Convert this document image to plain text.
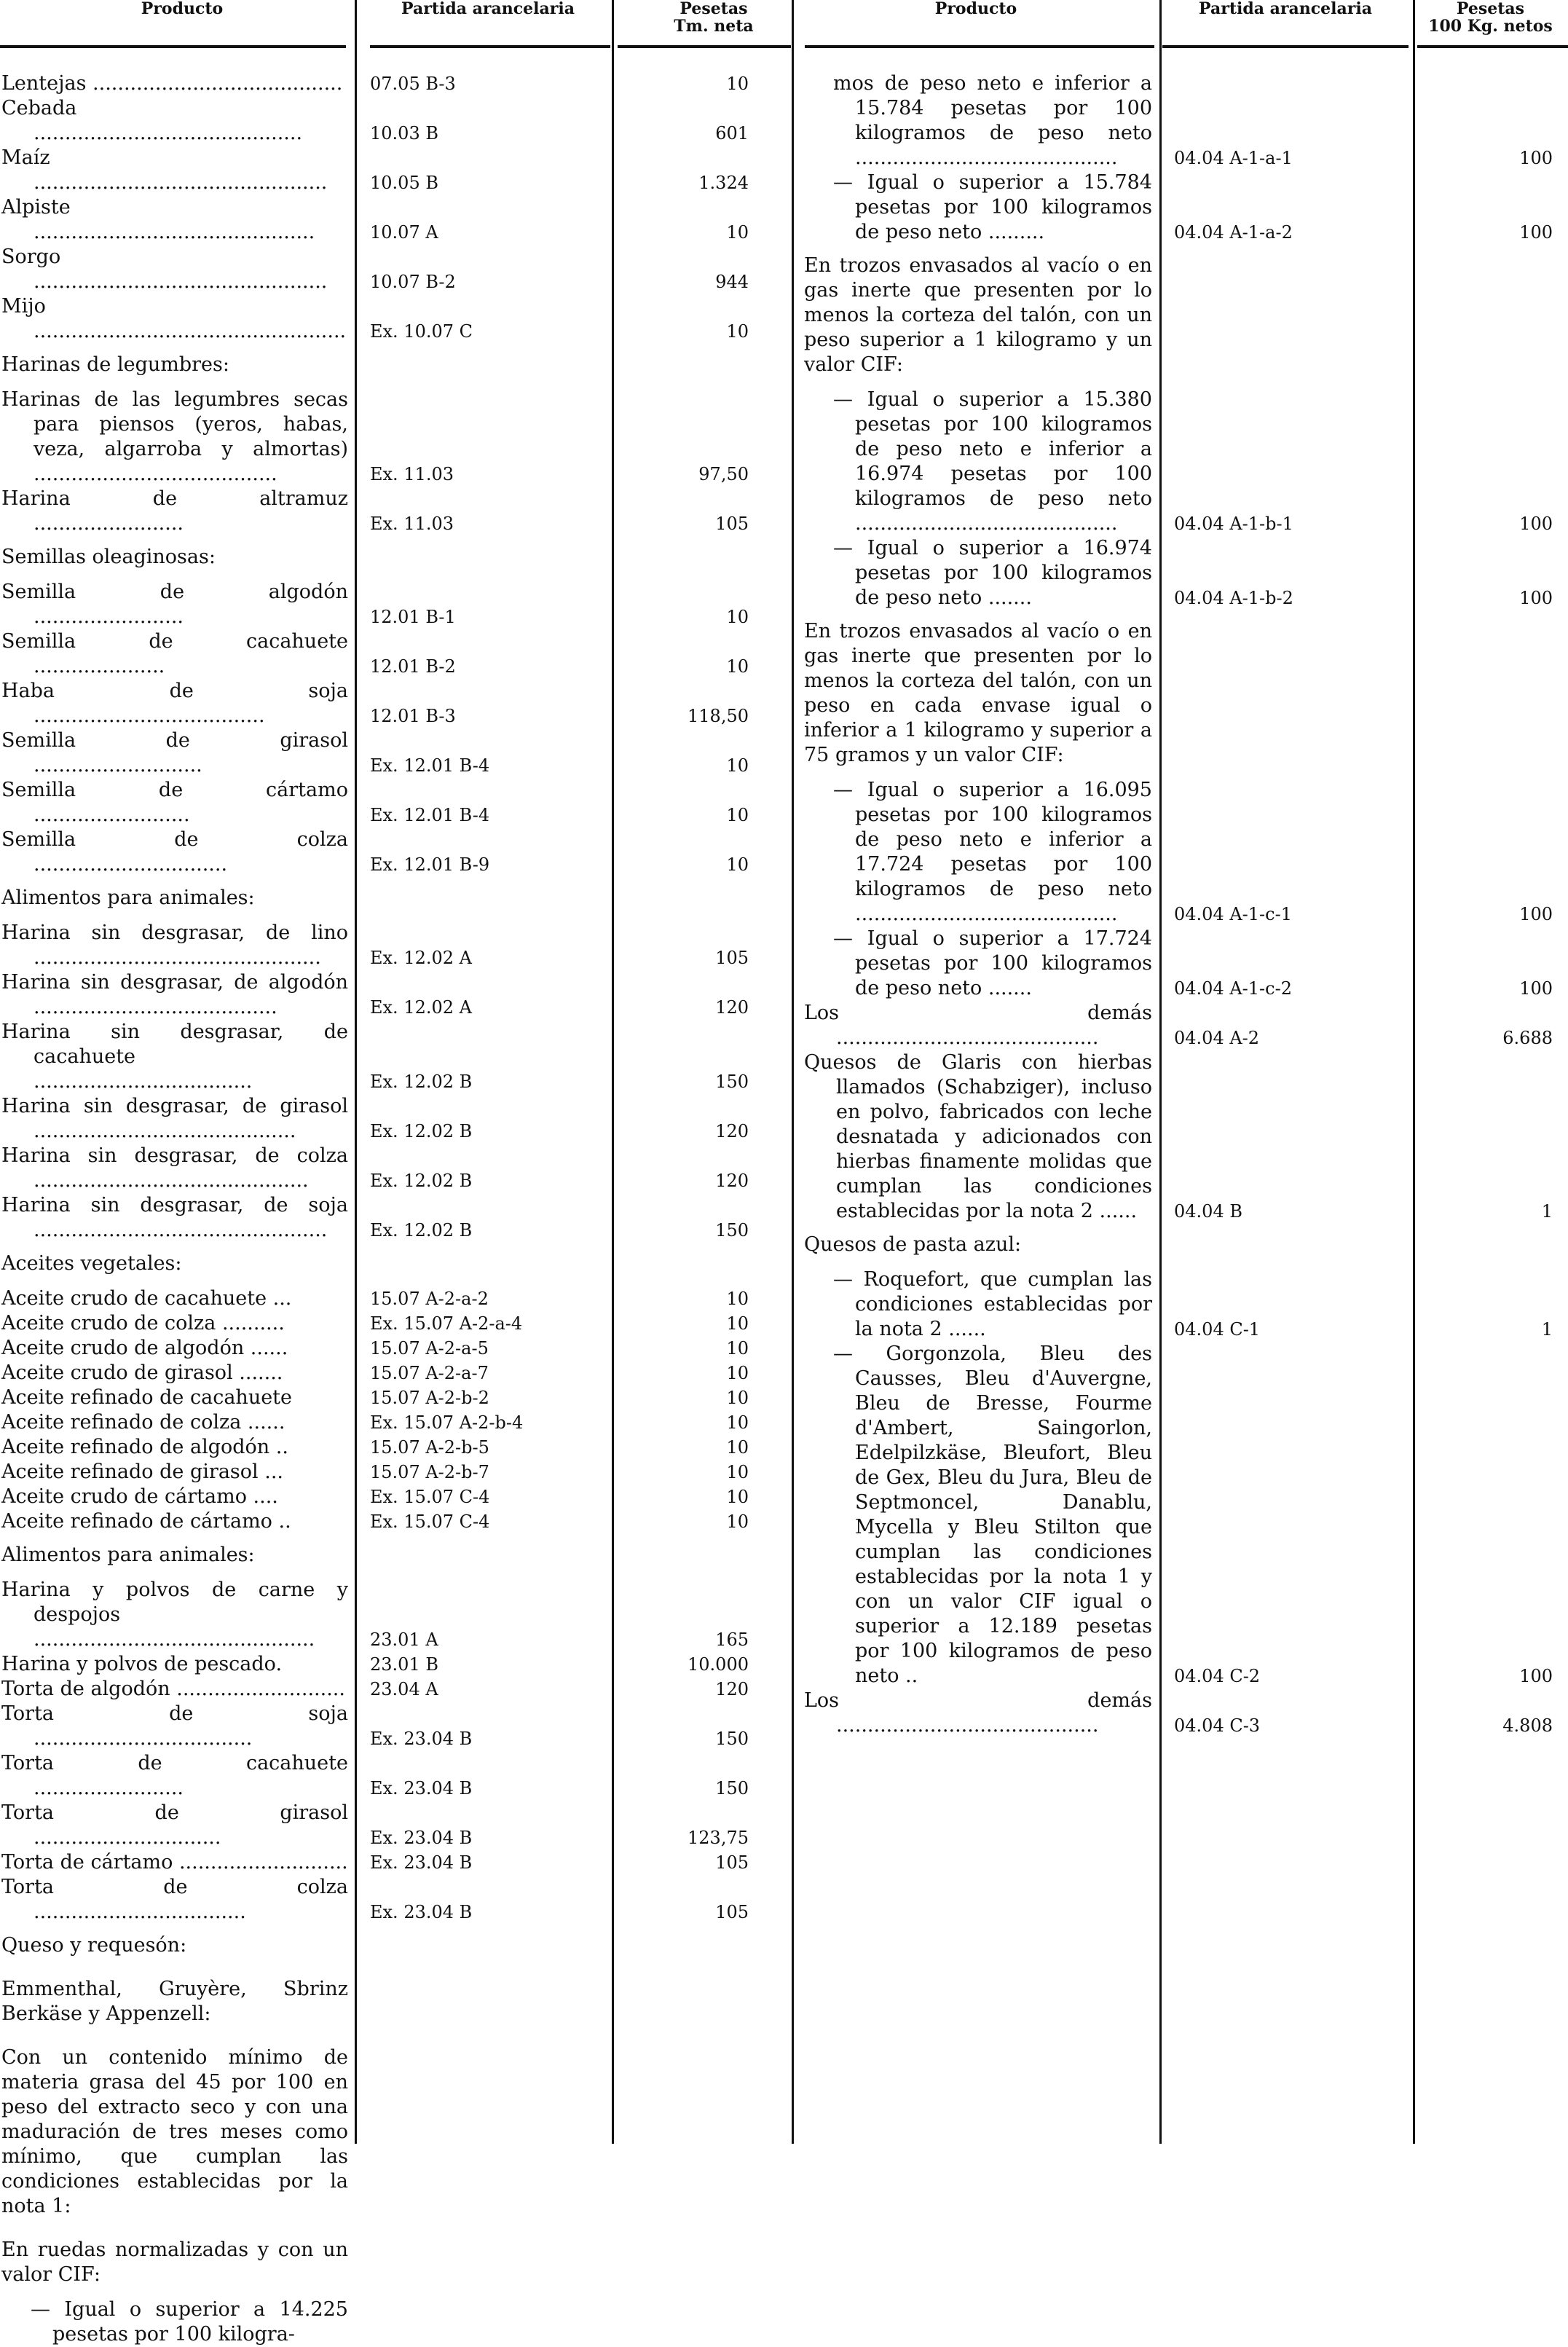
Producto	Partida arancelaria	Pesetas
Tm. neta
Producto	Partida arancelaria	Pesetas
100 Kg. netos
Lentejas ........................................	07.05 B-3	10
Cebada ...........................................	10.03 B	601
Maíz ...............................................	10.05 B	1.324
Alpiste .............................................	10.07 A	10
Sorgo ...............................................	10.07 B-2	944
Mijo ..................................................	Ex. 10.07 C	10
Harinas de legumbres:
Harinas de las legumbres secas para piensos (yeros, habas, veza, algarroba y almortas) .......................................	Ex. 11.03	97,50
Harina de altramuz ........................	Ex. 11.03	105
Semillas oleaginosas:
Semilla de algodón ........................	12.01 B-1	10
Semilla de cacahuete .....................	12.01 B-2	10
Haba de soja .....................................	12.01 B-3	118,50
Semilla de girasol ...........................	Ex. 12.01 B-4	10
Semilla de cártamo .........................	Ex. 12.01 B-4	10
Semilla de colza ...............................	Ex. 12.01 B-9	10
Alimentos para animales:
Harina sin desgrasar, de lino ..............................................	Ex. 12.02 A	105
Harina sin desgrasar, de algodón .......................................	Ex. 12.02 A	120
Harina sin desgrasar, de cacahuete ...................................	Ex. 12.02 B	150
Harina sin desgrasar, de girasol ..........................................	Ex. 12.02 B	120
Harina sin desgrasar, de colza ............................................	Ex. 12.02 B	120
Harina sin desgrasar, de soja ...............................................	Ex. 12.02 B	150
Aceites vegetales:
Aceite crudo de cacahuete ...	15.07 A-2-a-2	10
Aceite crudo de colza ..........	Ex. 15.07 A-2-a-4	10
Aceite crudo de algodón ......	15.07 A-2-a-5	10
Aceite crudo de girasol .......	15.07 A-2-a-7	10
Aceite refinado de cacahuete	15.07 A-2-b-2	10
Aceite refinado de colza ......	Ex. 15.07 A-2-b-4	10
Aceite refinado de algodón ..	15.07 A-2-b-5	10
Aceite refinado de girasol ...	15.07 A-2-b-7	10
Aceite crudo de cártamo ....	Ex. 15.07 C-4	10
Aceite refinado de cártamo ..	Ex. 15.07 C-4	10
Alimentos para animales:
Harina y polvos de carne y despojos .............................................	23.01 A	165
Harina y polvos de pescado.	23.01 B	10.000
Torta de algodón ...........................	23.04 A	120
Torta de soja ...................................	Ex. 23.04 B	150
Torta de cacahuete ........................	Ex. 23.04 B	150
Torta de girasol ..............................	Ex. 23.04 B	123,75
Torta de cártamo ...........................	Ex. 23.04 B	105
Torta de colza ..................................	Ex. 23.04 B	105
Queso y requesón:
Emmenthal, Gruyère, Sbrinz Berkäse y Appenzell:
Con un contenido mínimo de materia grasa del 45 por 100 en peso del extracto seco y con una maduración de tres meses como mínimo, que cumplan las condiciones establecidas por la nota 1:
En ruedas normalizadas y con un valor CIF:
— Igual o superior a 14.225 pesetas por 100 kilogra-
mos de peso neto e inferior a 15.784 pesetas por 100 kilogramos de peso neto ..........................................	04.04 A-1-a-1	100
— Igual o superior a 15.784 pesetas por 100 kilogramos de peso neto .........	04.04 A-1-a-2	100
En trozos envasados al vacío o en gas inerte que presenten por lo menos la corteza del talón, con un peso superior a 1 kilogramo y un valor CIF:
— Igual o superior a 15.380 pesetas por 100 kilogramos de peso neto e inferior a 16.974 pesetas por 100 kilogramos de peso neto ..........................................	04.04 A-1-b-1	100
— Igual o superior a 16.974 pesetas por 100 kilogramos de peso neto .......	04.04 A-1-b-2	100
En trozos envasados al vacío o en gas inerte que presenten por lo menos la corteza del talón, con un peso en cada envase igual o inferior a 1 kilogramo y superior a 75 gramos y un valor CIF:
— Igual o superior a 16.095 pesetas por 100 kilogramos de peso neto e inferior a 17.724 pesetas por 100 kilogramos de peso neto ..........................................	04.04 A-1-c-1	100
— Igual o superior a 17.724 pesetas por 100 kilogramos de peso neto .......	04.04 A-1-c-2	100
Los demás ..........................................	04.04 A-2	6.688
Quesos de Glaris con hierbas llamados (Schabziger), incluso en polvo, fabricados con leche desnatada y adicionados con hierbas finamente molidas que cumplan las condiciones establecidas por la nota 2 ......	04.04 B	1
Quesos de pasta azul:
— Roquefort, que cumplan las condiciones establecidas por la nota 2 ......	04.04 C-1	1
— Gorgonzola, Bleu des Causses, Bleu d'Auvergne, Bleu de Bresse, Fourme d'Ambert, Saingorlon, Edelpilzkäse, Bleufort, Bleu de Gex, Bleu du Jura, Bleu de Septmoncel, Danablu, Mycella y Bleu Stilton que cumplan las condiciones establecidas por la nota 1 y con un valor CIF igual o superior a 12.189 pesetas por 100 kilogramos de peso neto ..	04.04 C-2	100
Los demás ..........................................	04.04 C-3	4.808
